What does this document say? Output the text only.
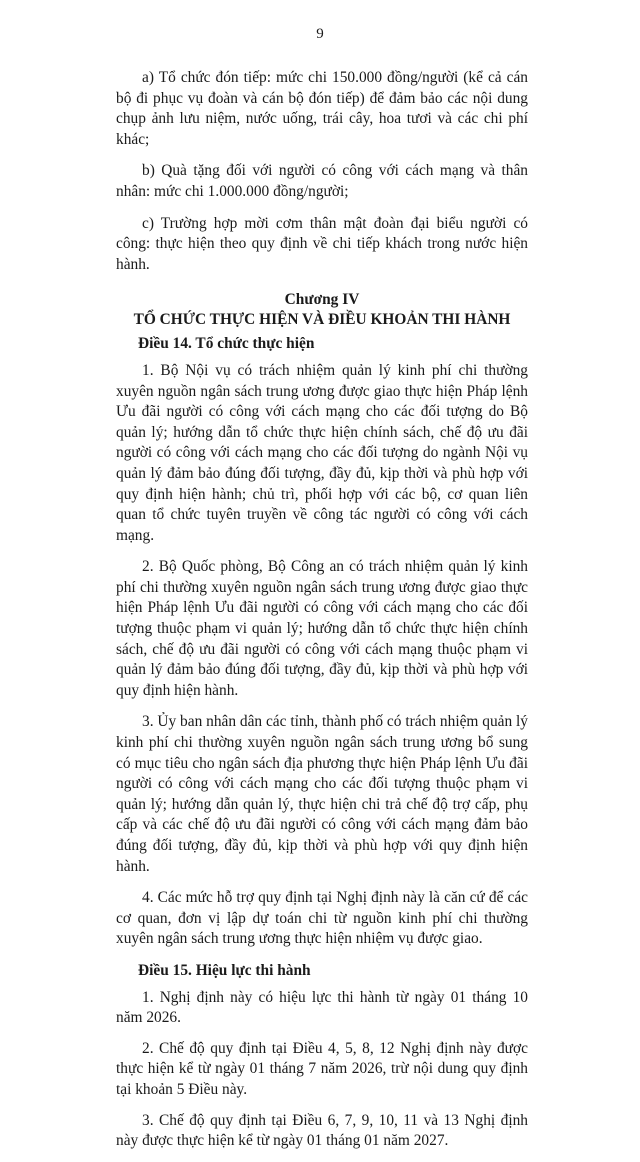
9

a) Tổ chức đón tiếp: mức chi 150.000 đồng/người (kể cả cán bộ đi phục vụ đoàn và cán bộ đón tiếp) để đảm bảo các nội dung chụp ảnh lưu niệm, nước uống, trái cây, hoa tươi và các chi phí khác;

b) Quà tặng đối với người có công với cách mạng và thân nhân: mức chi 1.000.000 đồng/người;

c) Trường hợp mời cơm thân mật đoàn đại biểu người có công: thực hiện theo quy định về chi tiếp khách trong nước hiện hành.

Chương IV
TỔ CHỨC THỰC HIỆN VÀ ĐIỀU KHOẢN THI HÀNH

Điều 14. Tổ chức thực hiện

1. Bộ Nội vụ có trách nhiệm quản lý kinh phí chi thường xuyên nguồn ngân sách trung ương được giao thực hiện Pháp lệnh Ưu đãi người có công với cách mạng cho các đối tượng do Bộ quản lý; hướng dẫn tổ chức thực hiện chính sách, chế độ ưu đãi người có công với cách mạng cho các đối tượng do ngành Nội vụ quản lý đảm bảo đúng đối tượng, đầy đủ, kịp thời và phù hợp với quy định hiện hành; chủ trì, phối hợp với các bộ, cơ quan liên quan tổ chức tuyên truyền về công tác người có công với cách mạng.

2. Bộ Quốc phòng, Bộ Công an có trách nhiệm quản lý kinh phí chi thường xuyên nguồn ngân sách trung ương được giao thực hiện Pháp lệnh Ưu đãi người có công với cách mạng cho các đối tượng thuộc phạm vi quản lý; hướng dẫn tổ chức thực hiện chính sách, chế độ ưu đãi người có công với cách mạng thuộc phạm vi quản lý đảm bảo đúng đối tượng, đầy đủ, kịp thời và phù hợp với quy định hiện hành.

3. Ủy ban nhân dân các tỉnh, thành phố có trách nhiệm quản lý kinh phí chi thường xuyên nguồn ngân sách trung ương bổ sung có mục tiêu cho ngân sách địa phương thực hiện Pháp lệnh Ưu đãi người có công với cách mạng cho các đối tượng thuộc phạm vi quản lý; hướng dẫn quản lý, thực hiện chi trả chế độ trợ cấp, phụ cấp và các chế độ ưu đãi người có công với cách mạng đảm bảo đúng đối tượng, đầy đủ, kịp thời và phù hợp với quy định hiện hành.

4. Các mức hỗ trợ quy định tại Nghị định này là căn cứ để các cơ quan, đơn vị lập dự toán chi từ nguồn kinh phí chi thường xuyên ngân sách trung ương thực hiện nhiệm vụ được giao.

Điều 15. Hiệu lực thi hành

1. Nghị định này có hiệu lực thi hành từ ngày 01 tháng 10 năm 2026.

2. Chế độ quy định tại Điều 4, 5, 8, 12 Nghị định này được thực hiện kể từ ngày 01 tháng 7 năm 2026, trừ nội dung quy định tại khoản 5 Điều này.

3. Chế độ quy định tại Điều 6, 7, 9, 10, 11 và 13 Nghị định này được thực hiện kể từ ngày 01 tháng 01 năm 2027.
